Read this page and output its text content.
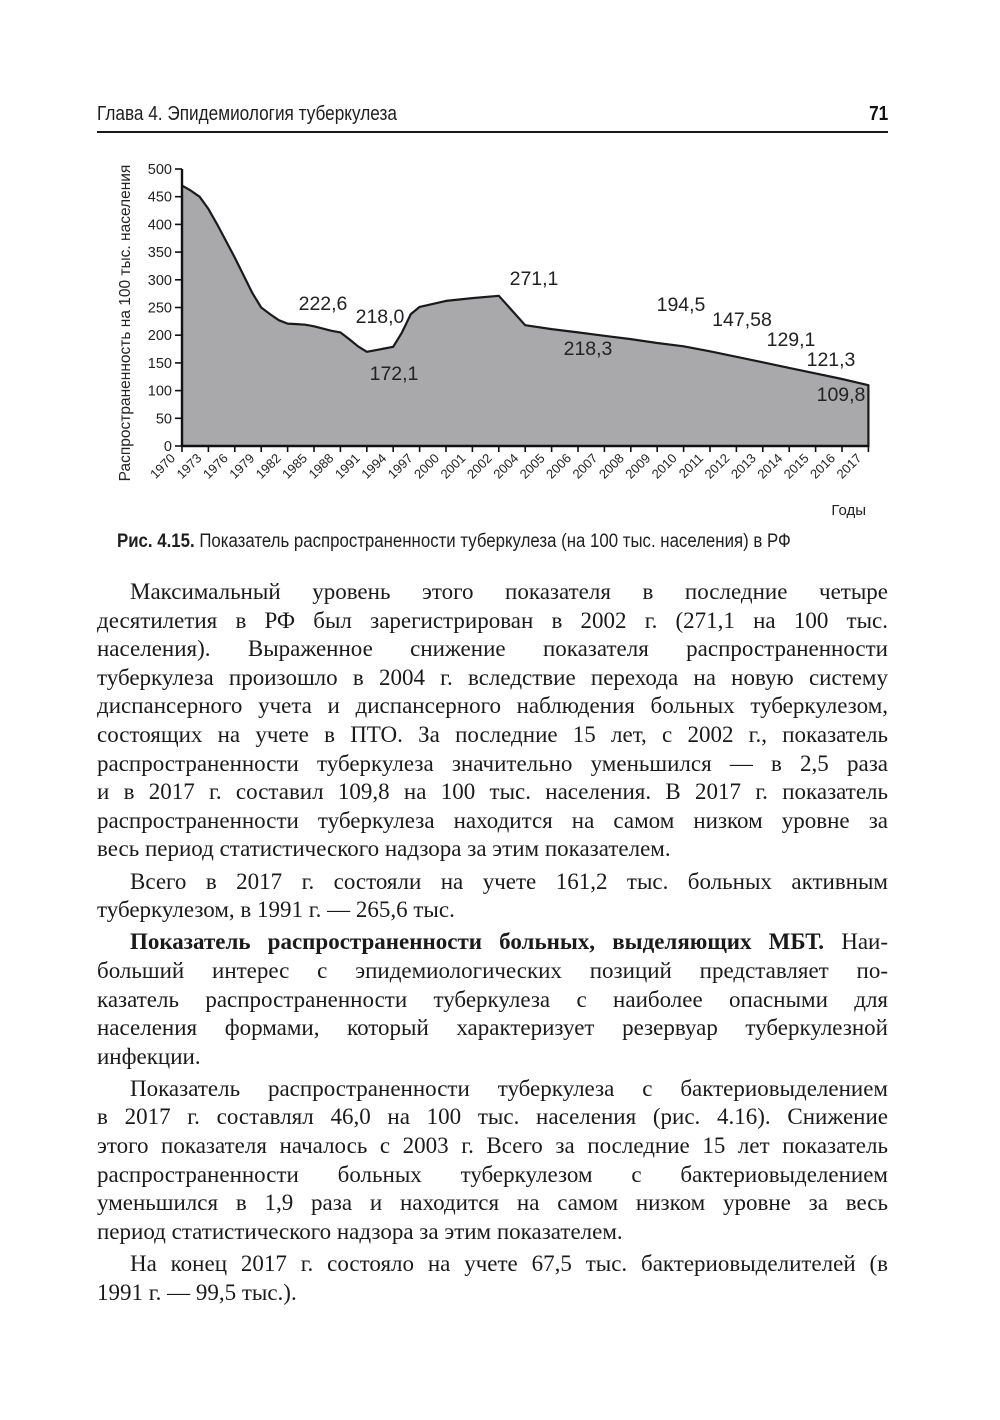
Глава 4. Эпидемиология туберкулеза	71
0
50
100
150
200
250
300
350
400
450
500
1970
1973
1976
1979
1982
1985
1988
1991
1994
1997
2000
2001
2002
2004
2005
2006
2007
2008
2009
2010
2011
2012
2013
2014
2015
2016
2017
222,6
218,0
172,1
271,1
218,3
194,5
147,58
129,1
121,3
109,8
Распространенность на 100 тыс. населения
Годы
Рис. 4.15. Показатель распространенности туберкулеза (на 100 тыс. населения) в РФ
Максимальный уровень этого показателя в последние четыре
десятилетия в РФ был зарегистрирован в 2002 г. (271,1 на 100 тыс.
населения). Выраженное снижение показателя распространенности
туберкулеза произошло в 2004 г. вследствие перехода на новую систему
диспансерного учета и диспансерного наблюдения больных туберкулезом,
состоящих на учете в ПТО. За последние 15 лет, с 2002 г., показатель
распространенности туберкулеза значительно уменьшился — в 2,5 раза
и в 2017 г. составил 109,8 на 100 тыс. населения. В 2017 г. показатель
распространенности туберкулеза находится на самом низком уровне за
весь период статистического надзора за этим показателем.
Всего в 2017 г. состояли на учете 161,2 тыс. больных активным
туберкулезом, в 1991 г. — 265,6 тыс.
Показатель распространенности больных, выделяющих МБТ. Наи-
больший интерес с эпидемиологических позиций представляет по-
казатель распространенности туберкулеза с наиболее опасными для
населения формами, который характеризует резервуар туберкулезной
инфекции.
Показатель распространенности туберкулеза с бактериовыделением
в 2017 г. составлял 46,0 на 100 тыс. населения (рис. 4.16). Снижение
этого показателя началось с 2003 г. Всего за последние 15 лет показатель
распространенности больных туберкулезом с бактериовыделением
уменьшился в 1,9 раза и находится на самом низком уровне за весь
период статистического надзора за этим показателем.
На конец 2017 г. состояло на учете 67,5 тыс. бактериовыделителей (в
1991 г. — 99,5 тыс.).
